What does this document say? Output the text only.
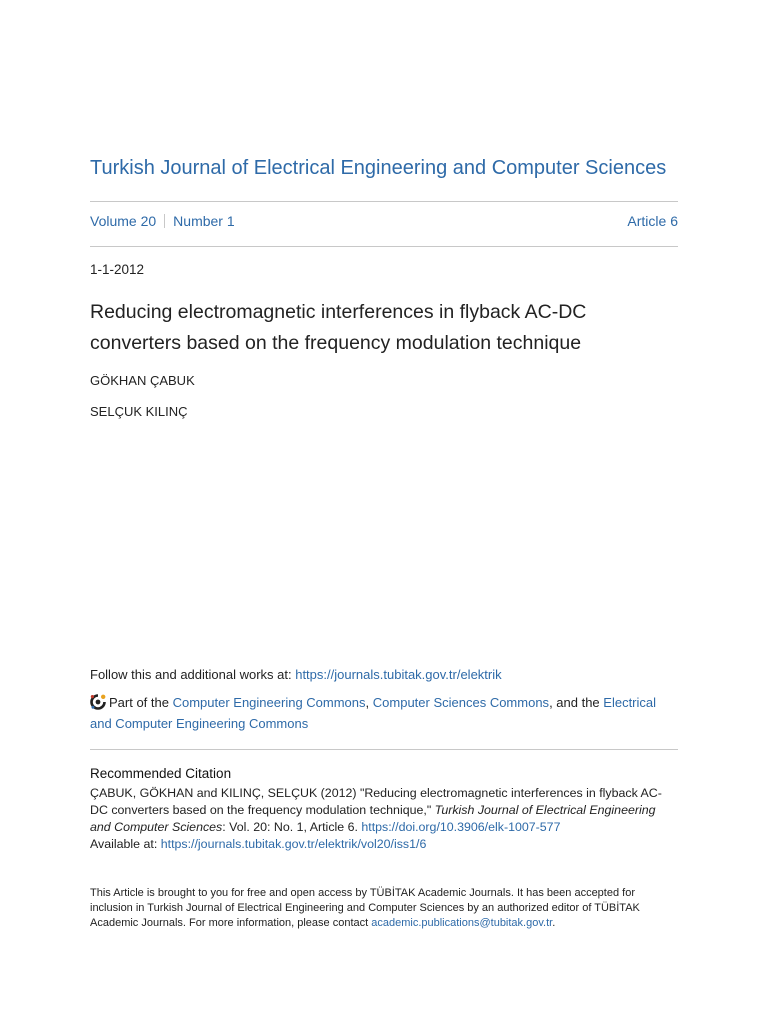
Turkish Journal of Electrical Engineering and Computer Sciences
Volume 20 Number 1	Article 6
1-1-2012
Reducing electromagnetic interferences in flyback AC-DC converters based on the frequency modulation technique
GÖKHAN ÇABUK
SELÇUK KILINÇ
Follow this and additional works at: https://journals.tubitak.gov.tr/elektrik
Part of the Computer Engineering Commons, Computer Sciences Commons, and the Electrical and Computer Engineering Commons
Recommended Citation
ÇABUK, GÖKHAN and KILINÇ, SELÇUK (2012) "Reducing electromagnetic interferences in flyback AC-DC converters based on the frequency modulation technique," Turkish Journal of Electrical Engineering and Computer Sciences: Vol. 20: No. 1, Article 6. https://doi.org/10.3906/elk-1007-577
Available at: https://journals.tubitak.gov.tr/elektrik/vol20/iss1/6
This Article is brought to you for free and open access by TÜBİTAK Academic Journals. It has been accepted for inclusion in Turkish Journal of Electrical Engineering and Computer Sciences by an authorized editor of TÜBİTAK Academic Journals. For more information, please contact academic.publications@tubitak.gov.tr.
